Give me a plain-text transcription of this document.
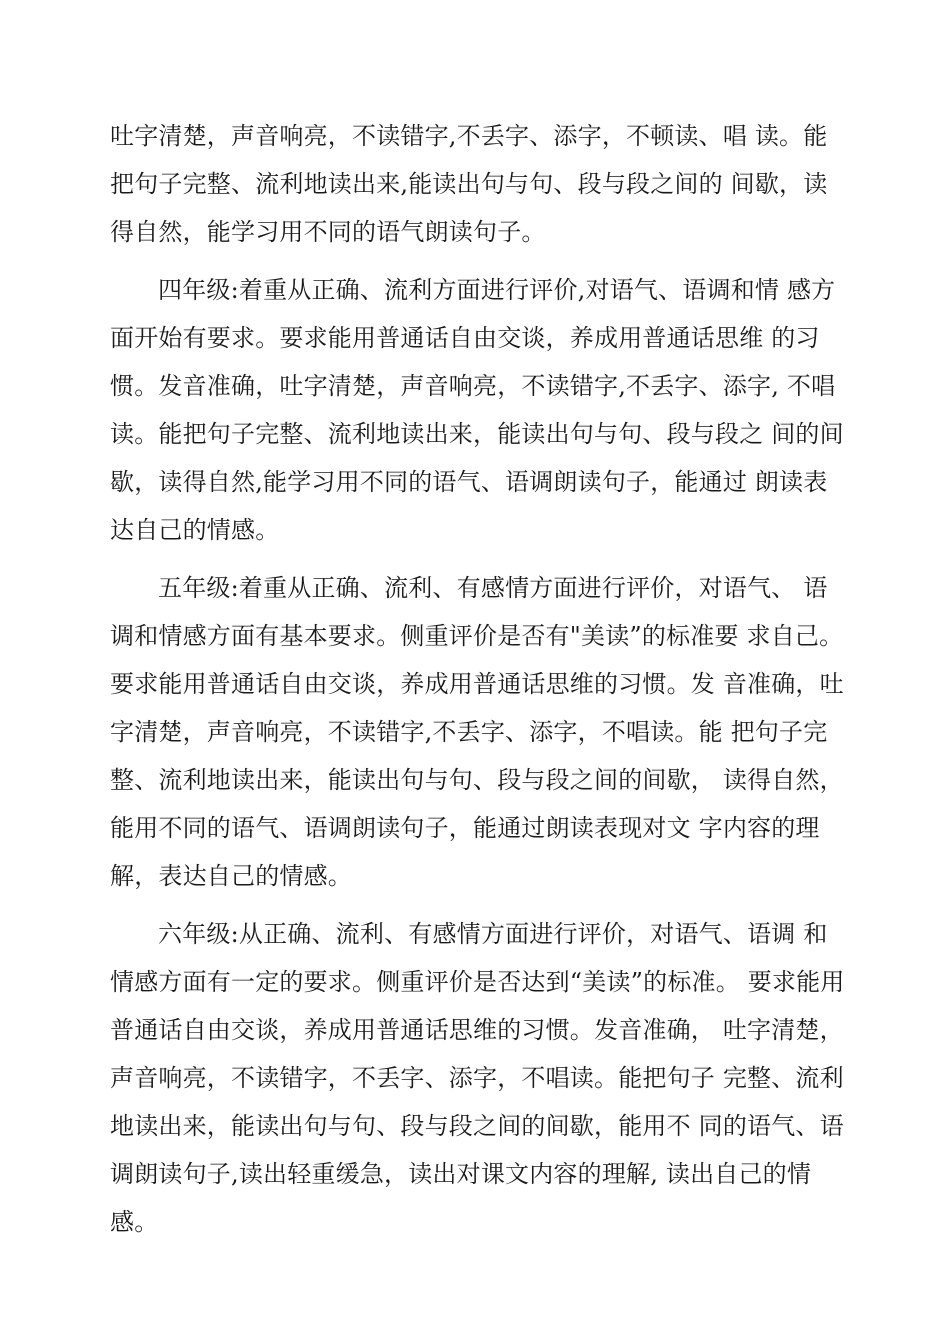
吐字清楚，声音响亮，不读错字,不丢字、添字，不顿读、唱 读。能把句子完整、流利地读出来,能读出句与句、段与段之间的 间歇，读得自然，能学习用不同的语气朗读句子。

四年级:着重从正确、流利方面进行评价,对语气、语调和情 感方面开始有要求。要求能用普通话自由交谈，养成用普通话思维 的习惯。发音准确，吐字清楚，声音响亮，不读错字,不丢字、添字, 不唱读。能把句子完整、流利地读出来，能读出句与句、段与段之 间的间歇，读得自然,能学习用不同的语气、语调朗读句子，能通过 朗读表达自己的情感。

五年级:着重从正确、流利、有感情方面进行评价，对语气、 语调和情感方面有基本要求。侧重评价是否有"美读”的标准要 求自己。要求能用普通话自由交谈，养成用普通话思维的习惯。发 音准确，吐字清楚，声音响亮，不读错字,不丢字、添字，不唱读。能 把句子完整、流利地读出来，能读出句与句、段与段之间的间歇， 读得自然，能用不同的语气、语调朗读句子，能通过朗读表现对文 字内容的理解，表达自己的情感。

六年级:从正确、流利、有感情方面进行评价，对语气、语调 和情感方面有一定的要求。侧重评价是否达到“美读”的标准。 要求能用普通话自由交谈，养成用普通话思维的习惯。发音准确， 吐字清楚，声音响亮，不读错字，不丢字、添字，不唱读。能把句子 完整、流利地读出来，能读出句与句、段与段之间的间歇，能用不 同的语气、语调朗读句子,读出轻重缓急，读出对课文内容的理解, 读出自己的情感。
